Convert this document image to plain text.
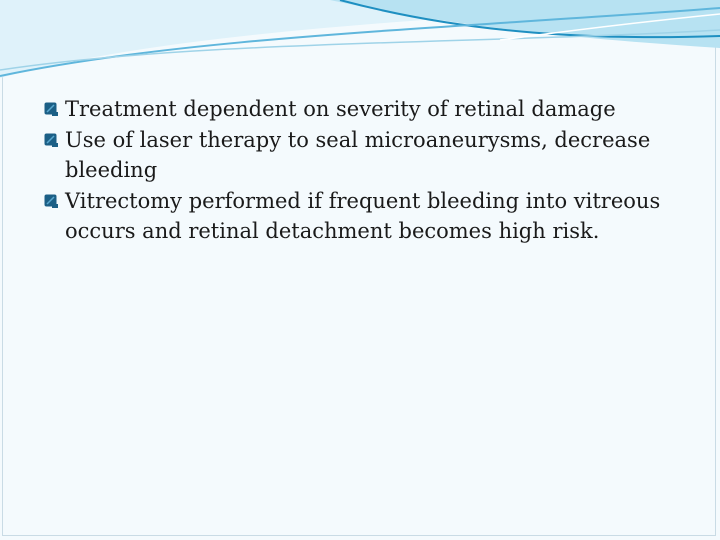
Treatment dependent on severity of retinal damage
Use of laser therapy to seal microaneurysms, decrease bleeding
Vitrectomy performed if frequent bleeding into vitreous occurs and retinal detachment becomes high risk.
